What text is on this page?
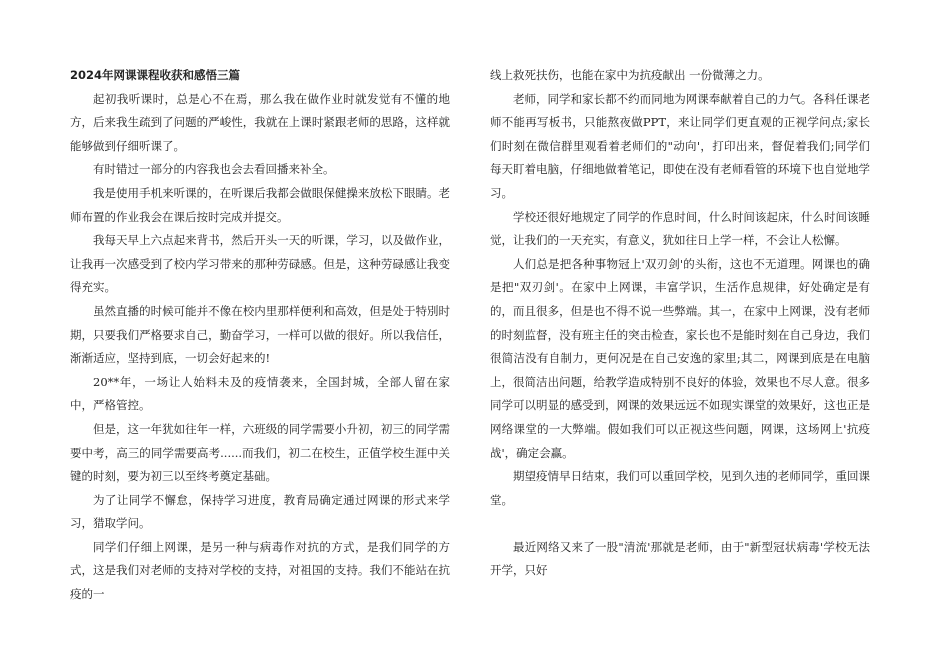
2024年网课课程收获和感悟三篇

起初我听课时，总是心不在焉，那么我在做作业时就发觉有不懂的地方，后来我生疏到了问题的严峻性，我就在上课时紧跟老师的思路，这样就能够做到仔细听课了。

有时错过一部分的内容我也会去看回播来补全。

我是使用手机来听课的，在听课后我都会做眼保健操来放松下眼睛。老师布置的作业我会在课后按时完成并提交。

我每天早上六点起来背书，然后开头一天的听课，学习，以及做作业，让我再一次感受到了校内学习带来的那种劳碌感。但是，这种劳碌感让我变得充实。

虽然直播的时候可能并不像在校内里那样便利和高效，但是处于特別时期，只要我们严格要求自己，勤奋学习，一样可以做的很好。所以我信任，渐渐适应，坚持到底，一切会好起来的!

20**年，一场让人始料未及的疫情袭来，全国封城，全部人留在家中，严格管控。

但是，这一年犹如往年一样，六班级的同学需要小升初，初三的同学需要中考，高三的同学需要高考......而我们，初二在校生，正值学校生涯中关键的时刻，要为初三以至终考奠定基础。

为了让同学不懈怠，保持学习进度，教育局确定通过网课的形式来学习，猎取学问。

同学们仔细上网课，是另一种与病毒作对抗的方式，是我们同学的方式，这是我们对老师的支持对学校的支持，对祖国的支持。我们不能站在抗疫的一

线上救死扶伤，也能在家中为抗疫献出 一份微薄之力。

老师，同学和家长都不约而同地为网课奉献着自己的力气。各科任课老师不能再写板书，只能熬夜做PPT，来让同学们更直观的正视学问点;家长们时刻在微信群里观看着老师们的"动向'，打印出来，督促着我们;同学们每天盯着电脑，仔细地做着笔记，即使在没有老师看管的环境下也自觉地学习。

学校还很好地规定了同学的作息时间，什么时间该起床，什么时间该睡觉，让我们的一天充实，有意义，犹如往日上学一样，不会让人松懈。

人们总是把各种事物冠上'双刃剑'的头衔，这也不无道理。网课也的确是把"双刃剑'。在家中上网课，丰富学识，生活作息规律，好处确定是有的，而且很多，但是也不得不说一些弊端。其一，在家中上网课，没有老师的时刻监督，没有班主任的突击检查，家长也不是能时刻在自己身边，我们很简洁没有自制力，更何况是在自己安逸的家里;其二，网课到底是在电脑上，很简洁出问题，给教学造成特别不良好的体验，效果也不尽人意。很多同学可以明显的感受到，网课的效果远远不如现实课堂的效果好，这也正是网络课堂的一大弊端。假如我们可以正视这些问题，网课，这场网上'抗疫战'，确定会赢。

期望疫情早日结束，我们可以重回学校，见到久违的老师同学，重回课堂。

最近网络又来了一股"清流'那就是老师，由于"新型冠状病毒'学校无法开学，只好
